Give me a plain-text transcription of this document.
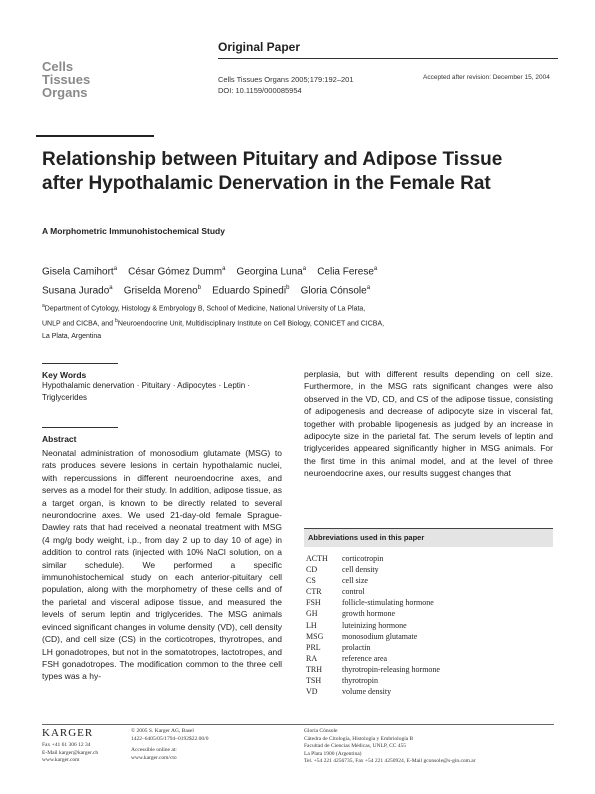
Cells
Tissues
Organs
Original Paper
Cells Tissues Organs 2005;179:192–201
DOI: 10.1159/000085954
Accepted after revision: December 15, 2004
Relationship between Pituitary and Adipose Tissue after Hypothalamic Denervation in the Female Rat
A Morphometric Immunohistochemical Study
Gisela Camihort$^a$ César Gómez Dumm$^a$ Georgina Luna$^a$ Celia Ferese$^a$
Susana Jurado$^a$ Griselda Moreno$^b$ Eduardo Spinedi$^b$ Gloria Cónsole$^a$
$^a$Department of Cytology, Histology & Embryology B, School of Medicine, National University of La Plata,
UNLP and CICBA, and $^b$Neuroendocrine Unit, Multidisciplinary Institute on Cell Biology, CONICET and CICBA,
La Plata, Argentina
Key Words
Hypothalamic denervation · Pituitary · Adipocytes · Leptin · Triglycerides
Abstract
Neonatal administration of monosodium glutamate (MSG) to rats produces severe lesions in certain hypothalamic nuclei, with repercussions in different neuroendocrine axes, and serves as a model for their study. In addition, adipose tissue, as a target organ, is known to be directly related to several neurondocrine axes. We used 21-day-old female Sprague-Dawley rats that had received a neonatal treatment with MSG (4 mg/g body weight, i.p., from day 2 up to day 10 of age) in addition to control rats (injected with 10% NaCl solution, on a similar schedule). We performed a specific immunohistochemical study on each anterior-pituitary cell population, along with the morphometry of these cells and of the parietal and visceral adipose tissue, and measured the levels of serum leptin and triglycerides. The MSG animals evinced significant changes in volume density (VD), cell density (CD), and cell size (CS) in the corticotropes, thyrotropes, and LH gonadotropes, but not in the somatotropes, lactotropes, and FSH gonadotropes. The modification common to the three cell types was a hy-
perplasia, but with different results depending on cell size. Furthermore, in the MSG rats significant changes were also observed in the VD, CD, and CS of the adipose tissue, consisting of adipogenesis and decrease of adipocyte size in visceral fat, together with probable lipogenesis as judged by an increase in adipocyte size in the parietal fat. The serum levels of leptin and triglycerides appeared significantly higher in MSG animals. For the first time in this animal model, and at the level of three neuroendocrine axes, our results suggest changes that
Abbreviations used in this paper
ACTH	corticotropin
CD	cell density
CS	cell size
CTR	control
FSH	follicle-stimulating hormone
GH	growth hormone
LH	luteinizing hormone
MSG	monosodium glutamate
PRL	prolactin
RA	reference area
TRH	thyrotropin-releasing hormone
TSH	thyrotropin
VD	volume density
KARGER
Fax +41 61 306 12 34
E-Mail karger@karger.ch
www.karger.com
© 2005 S. Karger AG, Basel
1422–6405/05/1794–0192$22.00/0
Accessible online at:
www.karger.com/cto
Gloria Cónsole
Cátedra de Citología, Histología y Embriología B
Facultad de Ciencias Médicas, UNLP, CC 455
La Plata 1900 (Argentina)
Tel. +54 221 4256735, Fax +54 221 4250924, E-Mail gconsole@s-gin.com.ar
